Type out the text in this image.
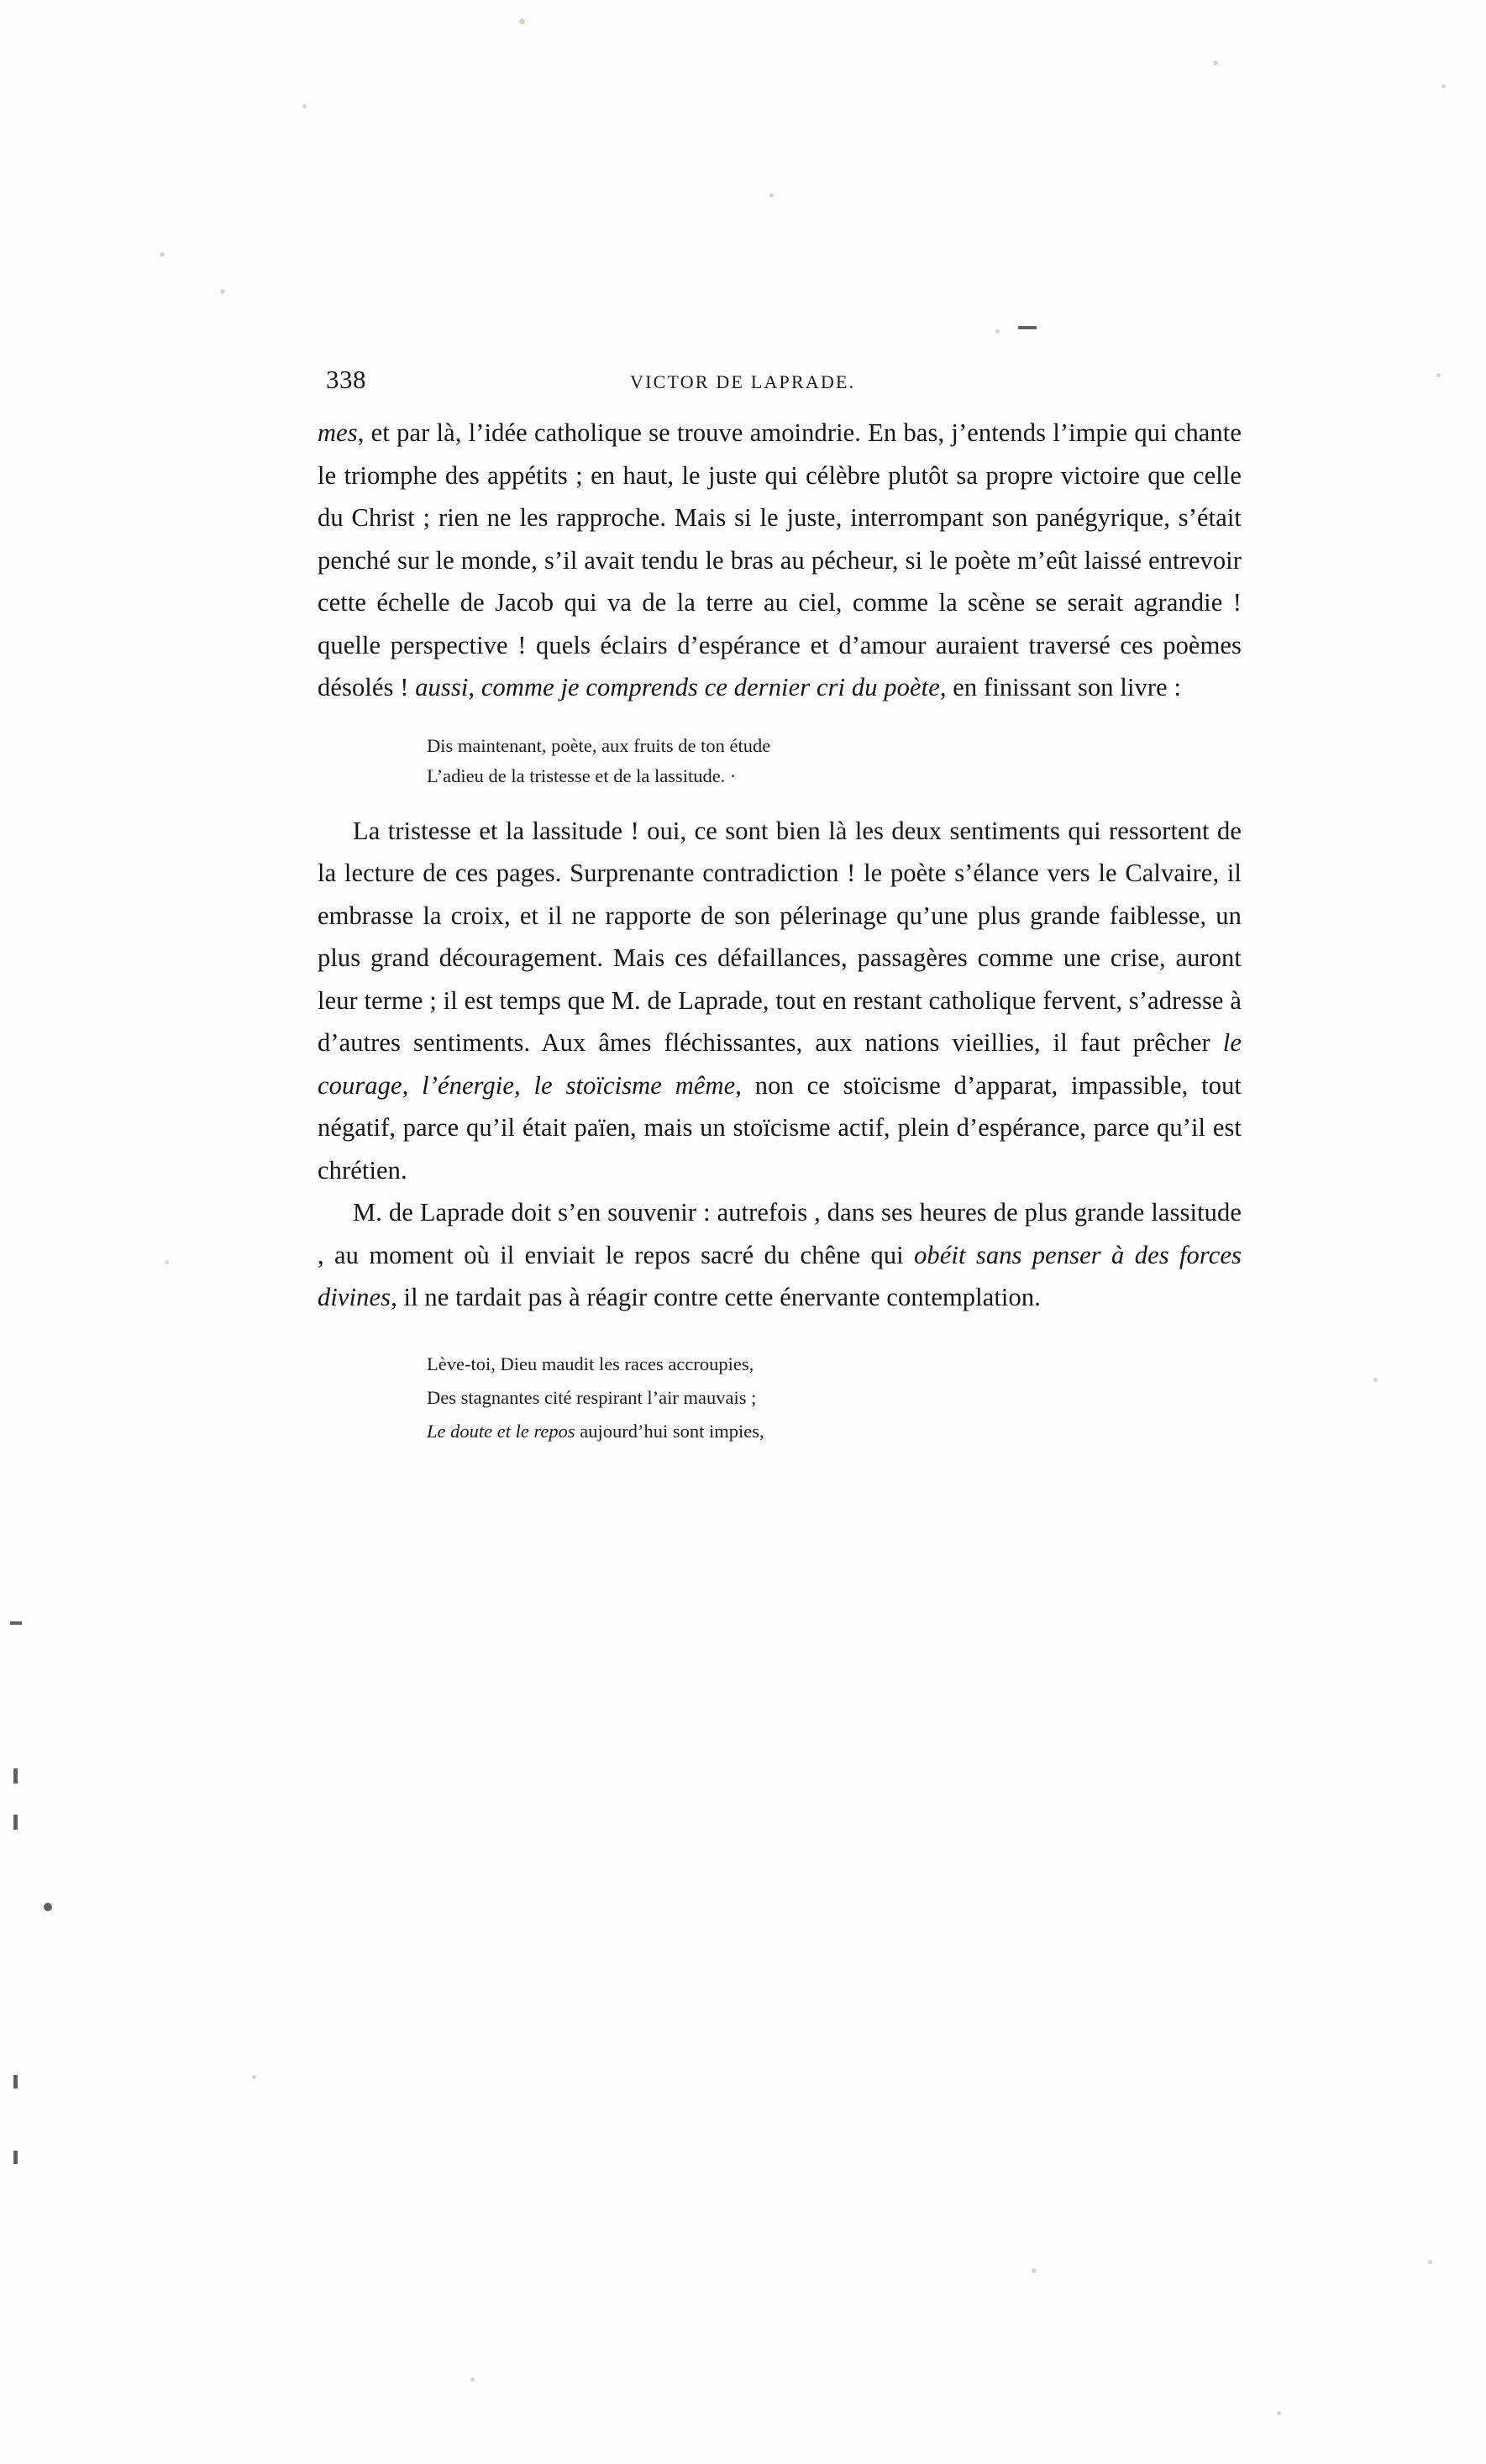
338	VICTOR DE LAPRADE.

mes, et par là, l’idée catholique se trouve amoindrie. En bas, j’entends l’impie qui chante le triomphe des appétits ; en haut, le juste qui célèbre plutôt sa propre victoire que celle du Christ ; rien ne les rapproche. Mais si le juste, interrompant son panégyrique, s’était penché sur le monde, s’il avait tendu le bras au pécheur, si le poète m’eût laissé entrevoir cette échelle de Jacob qui va de la terre au ciel, comme la scène se serait agrandie ! quelle perspective ! quels éclairs d’espérance et d’amour auraient traversé ces poèmes désolés ! aussi, comme je comprends ce dernier cri du poète, en finissant son livre :

Dis maintenant, poète, aux fruits de ton étude
L’adieu de la tristesse et de la lassitude. ·

La tristesse et la lassitude ! oui, ce sont bien là les deux sentiments qui ressortent de la lecture de ces pages. Surprenante contradiction ! le poète s’élance vers le Calvaire, il embrasse la croix, et il ne rapporte de son pélerinage qu’une plus grande faiblesse, un plus grand découragement. Mais ces défaillances, passagères comme une crise, auront leur terme ; il est temps que M. de Laprade, tout en restant catholique fervent, s’adresse à d’autres sentiments. Aux âmes fléchissantes, aux nations vieillies, il faut prêcher le courage, l’énergie, le stoïcisme même, non ce stoïcisme d’apparat, impassible, tout négatif, parce qu’il était païen, mais un stoïcisme actif, plein d’espérance, parce qu’il est chrétien.

M. de Laprade doit s’en souvenir : autrefois , dans ses heures de plus grande lassitude , au moment où il enviait le repos sacré du chêne qui obéit sans penser à des forces divines, il ne tardait pas à réagir contre cette énervante contemplation.

Lève-toi, Dieu maudit les races accroupies,
Des stagnantes cité respirant l’air mauvais ;
Le doute et le repos aujourd’hui sont impies,
